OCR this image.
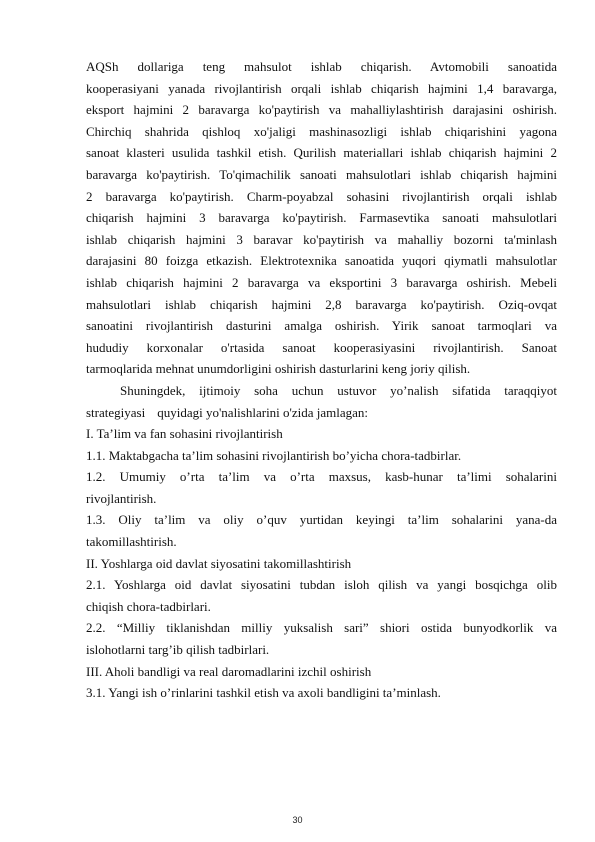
AQSh dollariga teng mahsulot ishlab chiqarish. Avtomobili sanoatida
kooperasiyani yanada rivojlantirish orqali ishlab chiqarish hajmini 1,4 baravarga,
eksport hajmini 2 baravarga ko'paytirish va mahalliylashtirish darajasini oshirish.
Chirchiq shahrida qishloq xo'jaligi mashinasozligi ishlab chiqarishini yagona
sanoat klasteri usulida tashkil etish. Qurilish materiallari ishlab chiqarish hajmini 2
baravarga ko'paytirish. To'qimachilik sanoati mahsulotlari ishlab chiqarish hajmini
2 baravarga ko'paytirish. Charm-poyabzal sohasini rivojlantirish orqali ishlab
chiqarish hajmini 3 baravarga ko'paytirish. Farmasevtika sanoati mahsulotlari
ishlab chiqarish hajmini 3 baravar ko'paytirish va mahalliy bozorni ta'minlash
darajasini 80 foizga etkazish. Elektrotexnika sanoatida yuqori qiymatli mahsulotlar
ishlab chiqarish hajmini 2 baravarga va eksportini 3 baravarga oshirish. Mebeli
mahsulotlari ishlab chiqarish hajmini 2,8 baravarga ko'paytirish. Oziq-ovqat
sanoatini rivojlantirish dasturini amalga oshirish. Yirik sanoat tarmoqlari va
hududiy korxonalar o'rtasida sanoat kooperasiyasini rivojlantirish. Sanoat
tarmoqlarida mehnat unumdorligini oshirish dasturlarini keng joriy qilish.
Shuningdek, ijtimoiy soha uchun ustuvor yo’nalish sifatida taraqqiyot
strategiyasi quyidagi yo'nalishlarini o'zida jamlagan:
I. Ta’lim va fan sohasini rivojlantirish
1.1. Maktabgacha ta’lim sohasini rivojlantirish bo’yicha chora-tadbirlar.
1.2. Umumiy o’rta ta’lim va o’rta maxsus, kasb-hunar ta’limi sohalarini
rivojlantirish.
1.3. Oliy ta’lim va oliy o’quv yurtidan keyingi ta’lim sohalarini yana-da
takomillashtirish.
II. Yoshlarga oid davlat siyosatini takomillashtirish
2.1. Yoshlarga oid davlat siyosatini tubdan isloh qilish va yangi bosqichga olib
chiqish chora-tadbirlari.
2.2. “Milliy tiklanishdan milliy yuksalish sari” shiori ostida bunyodkorlik va
islohotlarni targ’ib qilish tadbirlari.
III. Aholi bandligi va real daromadlarini izchil oshirish
3.1. Yangi ish o’rinlarini tashkil etish va axoli bandligini ta’minlash.
30
